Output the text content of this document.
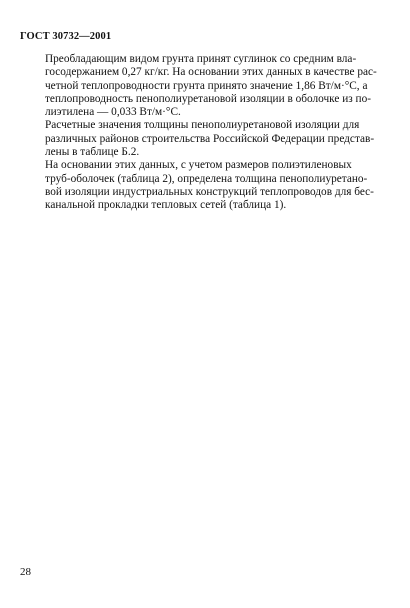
ГОСТ 30732—2001

Преобладающим видом грунта принят суглинок со средним вла-
госодержанием 0,27 кг/кг. На основании этих данных в качестве рас-
четной теплопроводности грунта принято значение 1,86 Вт/м·°С, а
теплопроводность пенополиуретановой изоляции в оболочке из по-
лиэтилена — 0,033 Вт/м·°С.

Расчетные значения толщины пенополиуретановой изоляции для
различных районов строительства Российской Федерации представ-
лены в таблице Б.2.

На основании этих данных, с учетом размеров полиэтиленовых
труб-оболочек (таблица 2), определена толщина пенополиуретано-
вой изоляции индустриальных конструкций теплопроводов для бес-
канальной прокладки тепловых сетей (таблица 1).

28
